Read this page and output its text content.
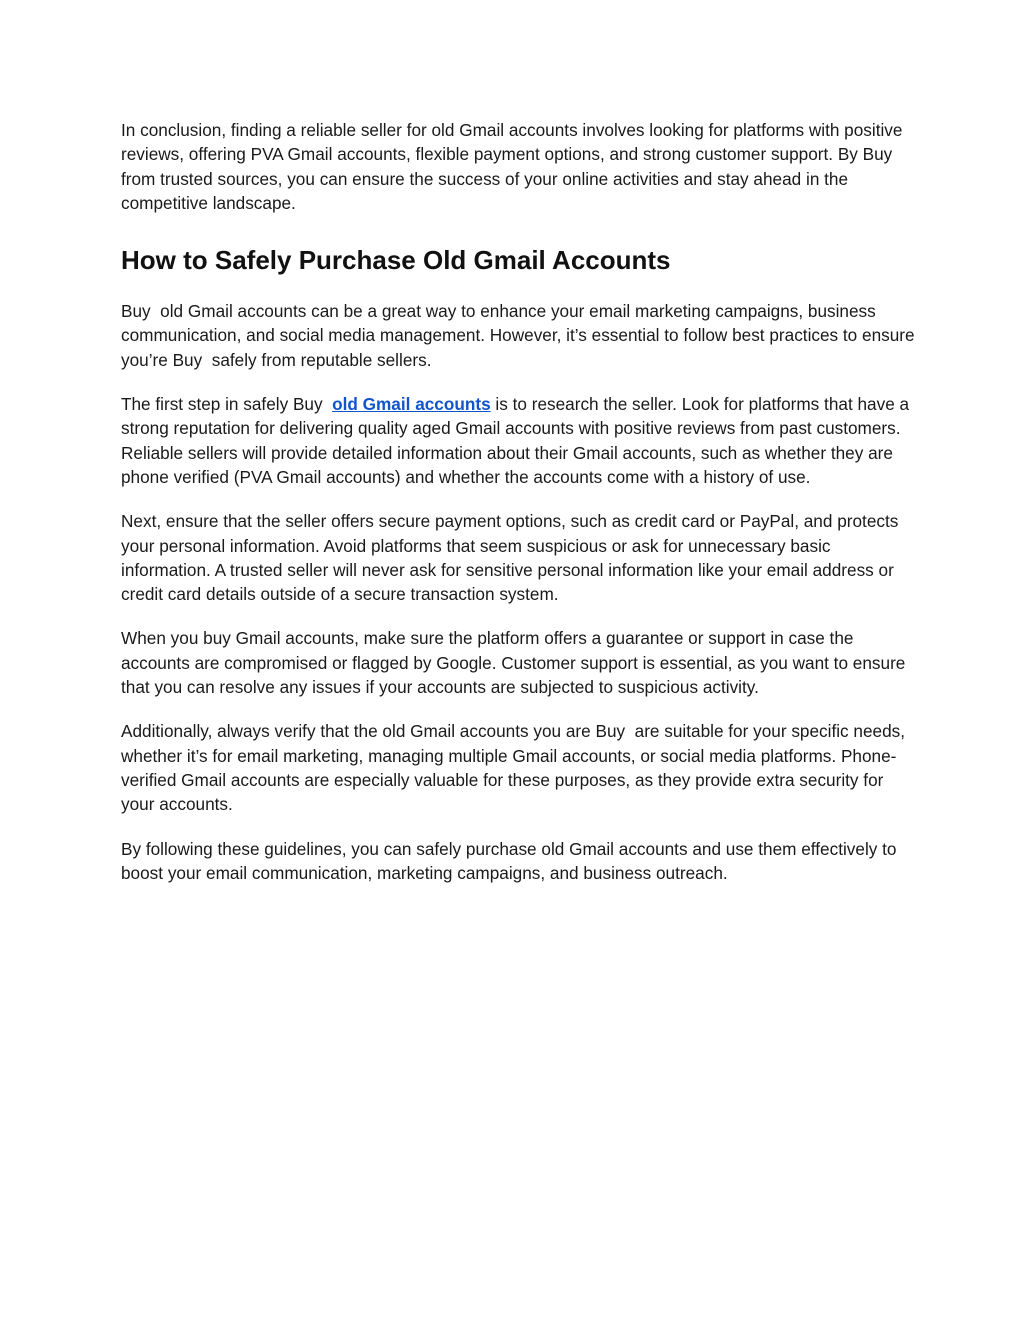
In conclusion, finding a reliable seller for old Gmail accounts involves looking for platforms with positive reviews, offering PVA Gmail accounts, flexible payment options, and strong customer support. By Buy  from trusted sources, you can ensure the success of your online activities and stay ahead in the competitive landscape.

How to Safely Purchase Old Gmail Accounts

Buy  old Gmail accounts can be a great way to enhance your email marketing campaigns, business communication, and social media management. However, it’s essential to follow best practices to ensure you’re Buy  safely from reputable sellers.

The first step in safely Buy  old Gmail accounts is to research the seller. Look for platforms that have a strong reputation for delivering quality aged Gmail accounts with positive reviews from past customers. Reliable sellers will provide detailed information about their Gmail accounts, such as whether they are phone verified (PVA Gmail accounts) and whether the accounts come with a history of use.

Next, ensure that the seller offers secure payment options, such as credit card or PayPal, and protects your personal information. Avoid platforms that seem suspicious or ask for unnecessary basic information. A trusted seller will never ask for sensitive personal information like your email address or credit card details outside of a secure transaction system.

When you buy Gmail accounts, make sure the platform offers a guarantee or support in case the accounts are compromised or flagged by Google. Customer support is essential, as you want to ensure that you can resolve any issues if your accounts are subjected to suspicious activity.

Additionally, always verify that the old Gmail accounts you are Buy  are suitable for your specific needs, whether it’s for email marketing, managing multiple Gmail accounts, or social media platforms. Phone-verified Gmail accounts are especially valuable for these purposes, as they provide extra security for your accounts.

By following these guidelines, you can safely purchase old Gmail accounts and use them effectively to boost your email communication, marketing campaigns, and business outreach.
